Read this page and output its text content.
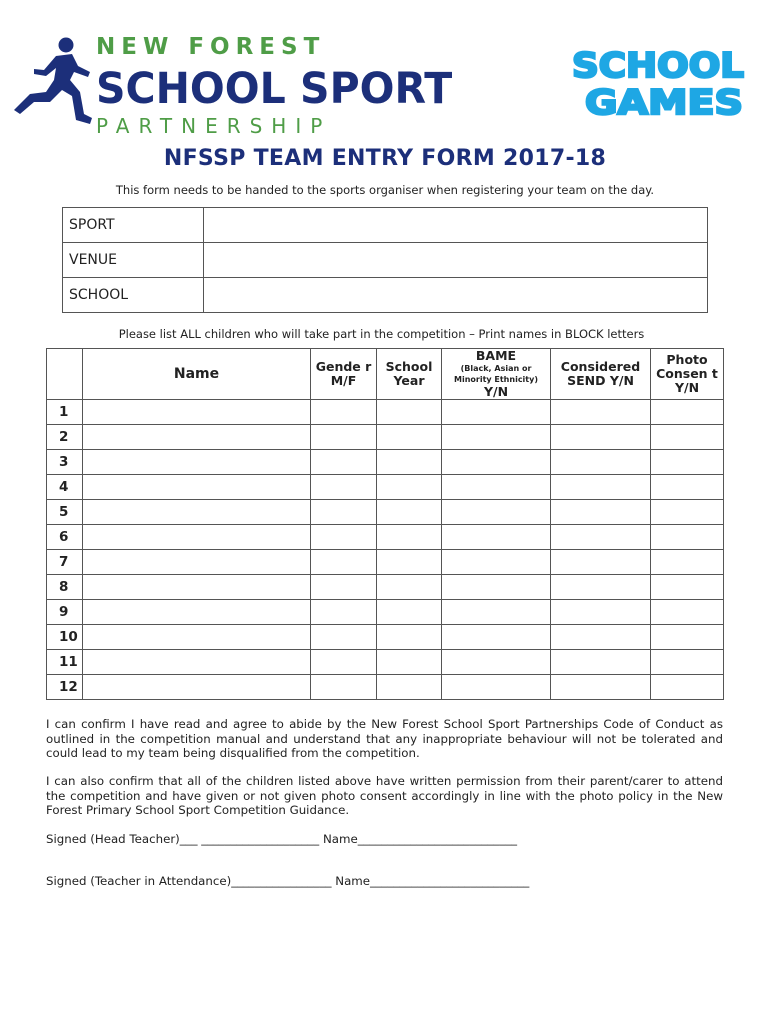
NEW FOREST
SCHOOL SPORT
PARTNERSHIP
SCHOOL
GAMES
NFSSP TEAM ENTRY FORM 2017-18
This form needs to be handed to the sports organiser when registering your team on the day.
SPORT	
VENUE	
SCHOOL	
Please list ALL children who will take part in the competition – Print names in BLOCK letters
	Name	Gende r M/F	School Year	BAME
(Black, Asian or Minority Ethnicity)
Y/N	Considered SEND Y/N	Photo Consen t Y/N
1						
2						
3						
4						
5						
6						
7						
8						
9						
10						
11						
12						
I can confirm I have read and agree to abide by the New Forest School Sport Partnerships Code of Conduct as outlined in the competition manual and understand that any inappropriate behaviour will not be tolerated and could lead to my team being disqualified from the competition.
I can also confirm that all of the children listed above have written permission from their parent/carer to attend the competition and have given or not given photo consent accordingly in line with the photo policy in the New Forest Primary School Sport Competition Guidance.
Signed (Head Teacher)___ ____________________ Name___________________________
Signed (Teacher in Attendance)_________________ Name___________________________
